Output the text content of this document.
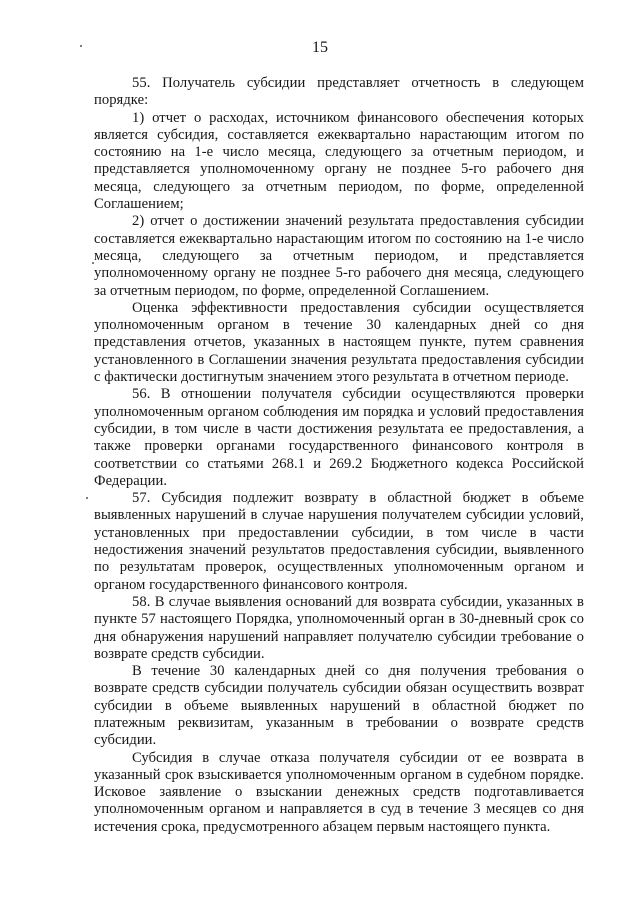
15

55. Получатель субсидии представляет отчетность в следующем порядке:

1) отчет о расходах, источником финансового обеспечения которых является субсидия, составляется ежеквартально нарастающим итогом по состоянию на 1-е число месяца, следующего за отчетным периодом, и представляется уполномоченному органу не позднее 5-го рабочего дня месяца, следующего за отчетным периодом, по форме, определенной Соглашением;

2) отчет о достижении значений результата предоставления субсидии составляется ежеквартально нарастающим итогом по состоянию на 1-е число месяца, следующего за отчетным периодом, и представляется уполномоченному органу не позднее 5-го рабочего дня месяца, следующего за отчетным периодом, по форме, определенной Соглашением.

Оценка эффективности предоставления субсидии осуществляется уполномоченным органом в течение 30 календарных дней со дня представления отчетов, указанных в настоящем пункте, путем сравнения установленного в Соглашении значения результата предоставления субсидии с фактически достигнутым значением этого результата в отчетном периоде.

56. В отношении получателя субсидии осуществляются проверки уполномоченным органом соблюдения им порядка и условий предоставления субсидии, в том числе в части достижения результата ее предоставления, а также проверки органами государственного финансового контроля в соответствии со статьями 268.1 и 269.2 Бюджетного кодекса Российской Федерации.

57. Субсидия подлежит возврату в областной бюджет в объеме выявленных нарушений в случае нарушения получателем субсидии условий, установленных при предоставлении субсидии, в том числе в части недостижения значений результатов предоставления субсидии, выявленного по результатам проверок, осуществленных уполномоченным органом и органом государственного финансового контроля.

58. В случае выявления оснований для возврата субсидии, указанных в пункте 57 настоящего Порядка, уполномоченный орган в 30-дневный срок со дня обнаружения нарушений направляет получателю субсидии требование о возврате средств субсидии.

В течение 30 календарных дней со дня получения требования о возврате средств субсидии получатель субсидии обязан осуществить возврат субсидии в объеме выявленных нарушений в областной бюджет по платежным реквизитам, указанным в требовании о возврате средств субсидии.

Субсидия в случае отказа получателя субсидии от ее возврата в указанный срок взыскивается уполномоченным органом в судебном порядке. Исковое заявление о взыскании денежных средств подготавливается уполномоченным органом и направляется в суд в течение 3 месяцев со дня истечения срока, предусмотренного абзацем первым настоящего пункта.
